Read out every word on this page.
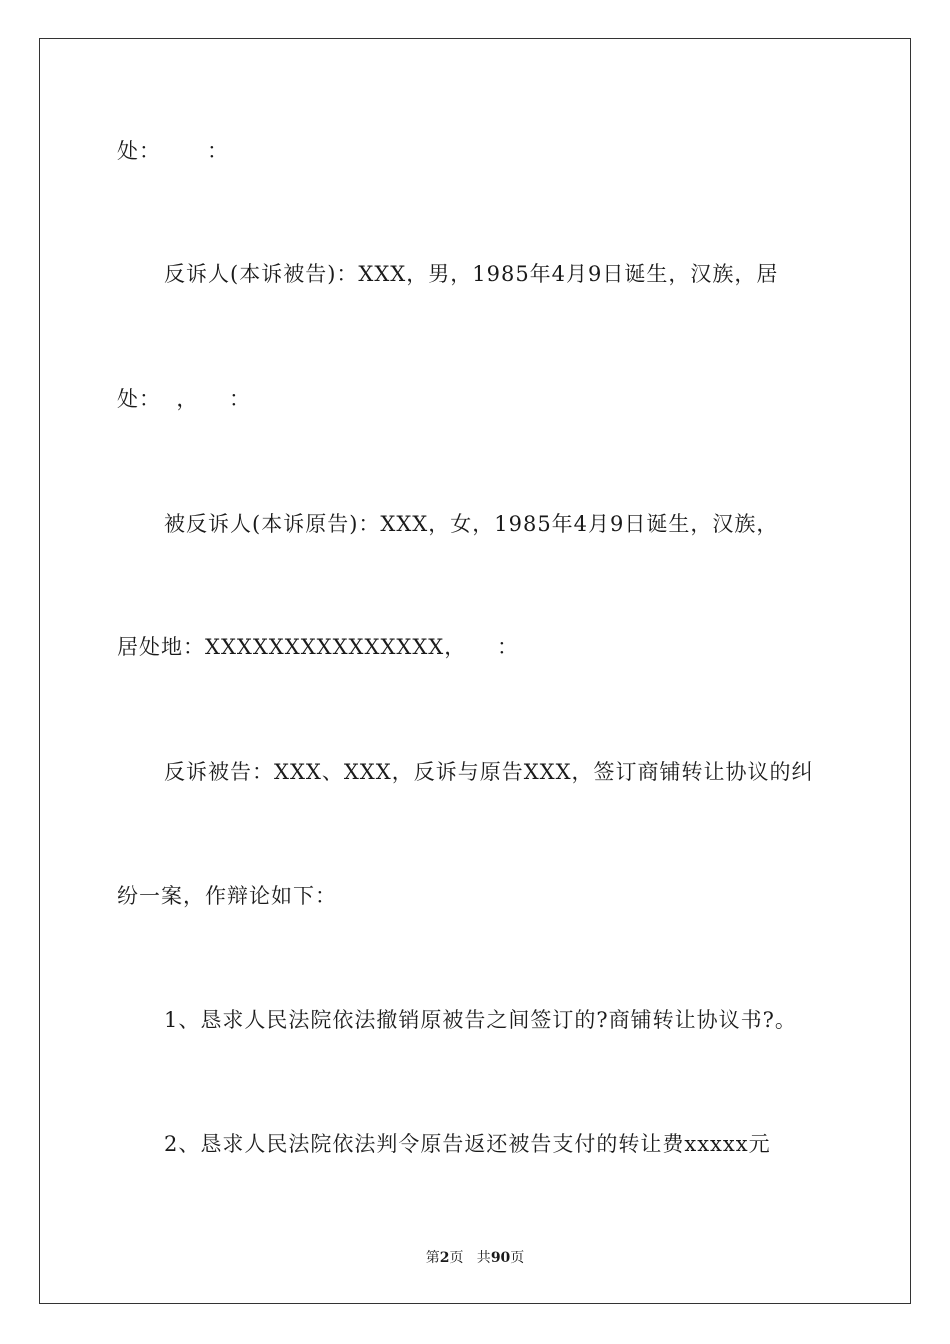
处：      ：
反诉人(本诉被告)：XXX，男，1985年4月9日诞生，汉族，居
处：  ，    ：
被反诉人(本诉原告)：XXX，女，1985年4月9日诞生，汉族，
居处地：XXXXXXXXXXXXXXX，    ：
反诉被告：XXX、XXX，反诉与原告XXX，签订商铺转让协议的纠
纷一案，作辩论如下：
1、恳求人民法院依法撤销原被告之间签订的?商铺转让协议书?。
2、恳求人民法院依法判令原告返还被告支付的转让费xxxxx元
第2页   共90页
